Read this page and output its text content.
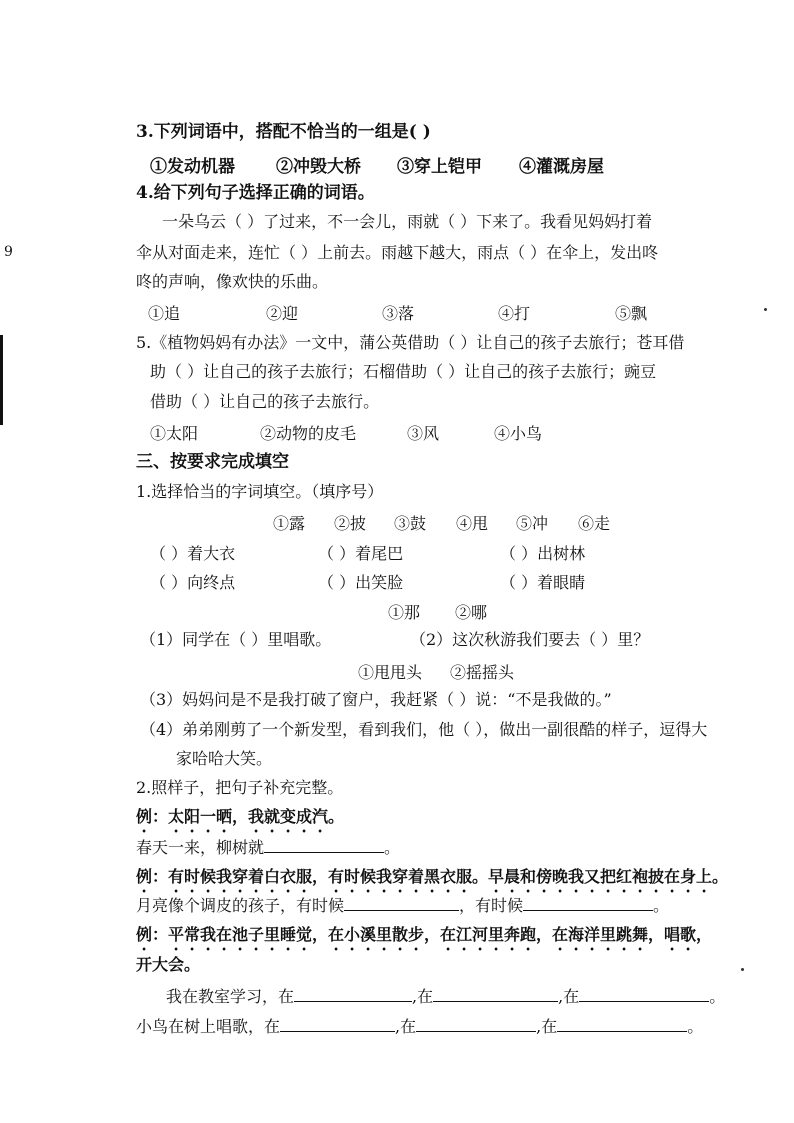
9
3.下列词语中，搭配不恰当的一组是( )
①发动机器 ②冲毁大桥 ③穿上铠甲 ④灌溉房屋
4.给下列句子选择正确的词语。
一朵乌云（ ）了过来，不一会儿，雨就（ ）下来了。我看见妈妈打着
伞从对面走来，连忙（ ）上前去。雨越下越大，雨点（ ）在伞上，发出咚
咚的声响，像欢快的乐曲。
①追	②迎	③落	④打	⑤飘
5.《植物妈妈有办法》一文中，蒲公英借助（ ）让自己的孩子去旅行；苍耳借
助（ ）让自己的孩子去旅行；石榴借助（ ）让自己的孩子去旅行；豌豆
借助（ ）让自己的孩子去旅行。
①太阳	②动物的皮毛	③风	④小鸟
三、按要求完成填空
1.选择恰当的字词填空。（填序号）
①露 ②披 ③鼓 ④甩 ⑤冲 ⑥走
（ ）着大衣	（ ）着尾巴	（ ）出树林
（ ）向终点	（ ）出笑脸	（ ）着眼睛
①那 ②哪
（1）同学在（ ）里唱歌。	（2）这次秋游我们要去（ ）里？
①甩甩头 ②摇摇头
（3）妈妈问是不是我打破了窗户，我赶紧（ ）说：“不是我做的。”
（4）弟弟刚剪了一个新发型，看到我们，他（ ），做出一副很酷的样子，逗得大
家哈哈大笑。
2.照样子，把句子补充完整。
例：太阳一晒，我就变成汽。
春天一来，柳树就	。
例：有时候我穿着白衣服，有时候我穿着黑衣服。早晨和傍晚我又把红袍披在身上。
月亮像个调皮的孩子，有时候	，有时候	。
例：平常我在池子里睡觉，在小溪里散步，在江河里奔跑，在海洋里跳舞，唱歌，
开大会。
我在教室学习，在	,在	,在	。
小鸟在树上唱歌，在	,在	,在	。
